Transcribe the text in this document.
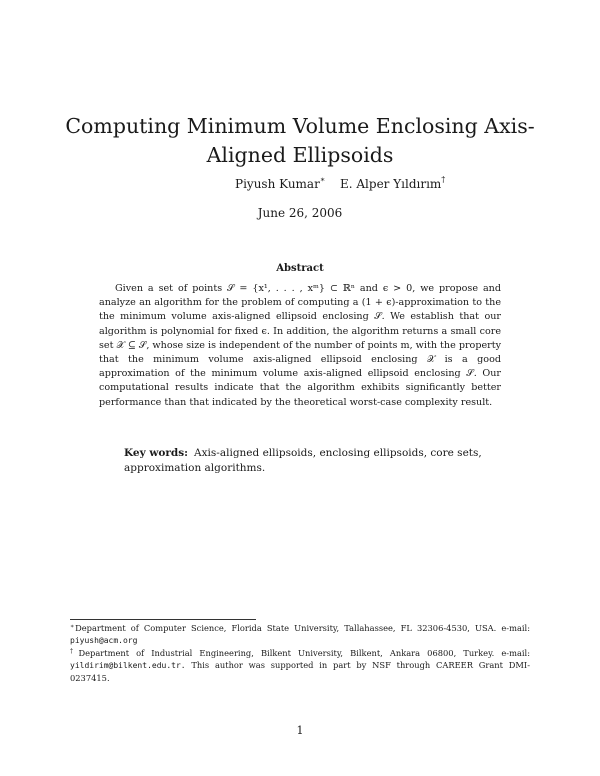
Computing Minimum Volume Enclosing Axis-Aligned Ellipsoids
Piyush Kumar∗ E. Alper Yıldırım†
June 26, 2006
Abstract

Given a set of points 𝒮 = {x¹, . . . , xᵐ} ⊂ ℝⁿ and ϵ > 0, we propose and analyze an algorithm for the problem of computing a (1 + ϵ)-approximation to the the minimum volume axis-aligned ellipsoid enclosing 𝒮. We establish that our algorithm is polynomial for fixed ϵ. In addition, the algorithm returns a small core set 𝒳 ⊆ 𝒮, whose size is independent of the number of points m, with the property that the minimum volume axis-aligned ellipsoid enclosing 𝒳 is a good approximation of the minimum volume axis-aligned ellipsoid enclosing 𝒮. Our computational results indicate that the algorithm exhibits significantly better performance than that indicated by the theoretical worst-case complexity result.

Key words: Axis-aligned ellipsoids, enclosing ellipsoids, core sets, approximation algorithms.

∗Department of Computer Science, Florida State University, Tallahassee, FL 32306-4530, USA. e-mail: piyush@acm.org

†Department of Industrial Engineering, Bilkent University, Bilkent, Ankara 06800, Turkey. e-mail: yildirim@bilkent.edu.tr. This author was supported in part by NSF through CAREER Grant DMI-0237415.

1
